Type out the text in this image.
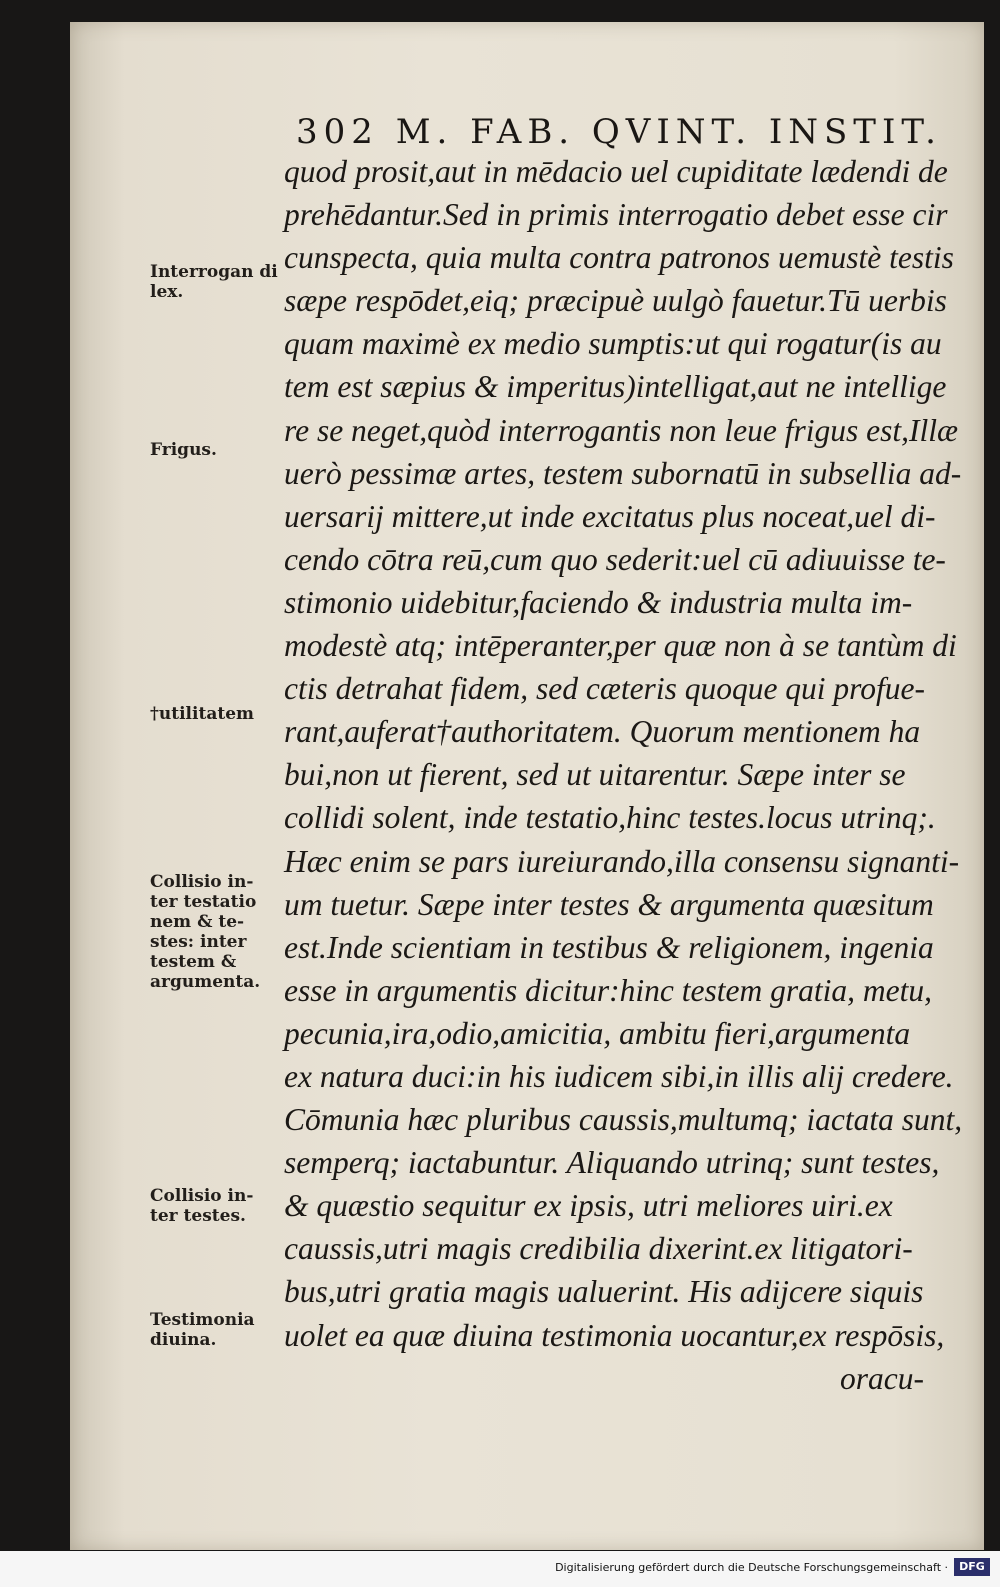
302 M. FAB. QVINT. INSTIT.
quod prosit,aut in mēdacio uel cupiditate lædendi de
prehēdantur.Sed in primis interrogatio debet esse cir
cunspecta, quia multa contra patronos uemustè testis
sæpe respōdet,eiq; præcipuè uulgò fauetur.Tū uerbis
quam maximè ex medio sumptis:ut qui rogatur(is au
tem est sæpius & imperitus)intelligat,aut ne intellige
re se neget,quòd interrogantis non leue frigus est,Illæ
uerò pessimæ artes, testem subornatū in subsellia ad-
uersarij mittere,ut inde excitatus plus noceat,uel di-
cendo cōtra reū,cum quo sederit:uel cū adiuuisse te-
stimonio uidebitur,faciendo & industria multa im-
modestè atq; intēperanter,per quæ non à se tantùm di
ctis detrahat fidem, sed cæteris quoque qui profue-
rant,auferat†authoritatem. Quorum mentionem ha
bui,non ut fierent, sed ut uitarentur. Sæpe inter se
collidi solent, inde testatio,hinc testes.locus utrinq;.
Hæc enim se pars iureiurando,illa consensu signanti-
um tuetur. Sæpe inter testes & argumenta quæsitum
est.Inde scientiam in testibus & religionem, ingenia
esse in argumentis dicitur:hinc testem gratia, metu,
pecunia,ira,odio,amicitia, ambitu fieri,argumenta
ex natura duci:in his iudicem sibi,in illis alij credere.
Cōmunia hæc pluribus caussis,multumq; iactata sunt,
semperq; iactabuntur. Aliquando utrinq; sunt testes,
& quæstio sequitur ex ipsis, utri meliores uiri.ex
caussis,utri magis credibilia dixerint.ex litigatori-
bus,utri gratia magis ualuerint. His adijcere siquis
uolet ea quæ diuina testimonia uocantur,ex respōsis,
oracu-
Interrogan di lex.
Frigus.
†utilitatem
Collisio in- ter testatio nem & te- stes: inter testem & argumenta.
Collisio in- ter testes.
Testimonia diuina.
Digitalisierung gefördert durch die Deutsche Forschungsgemeinschaft ·	DFG
